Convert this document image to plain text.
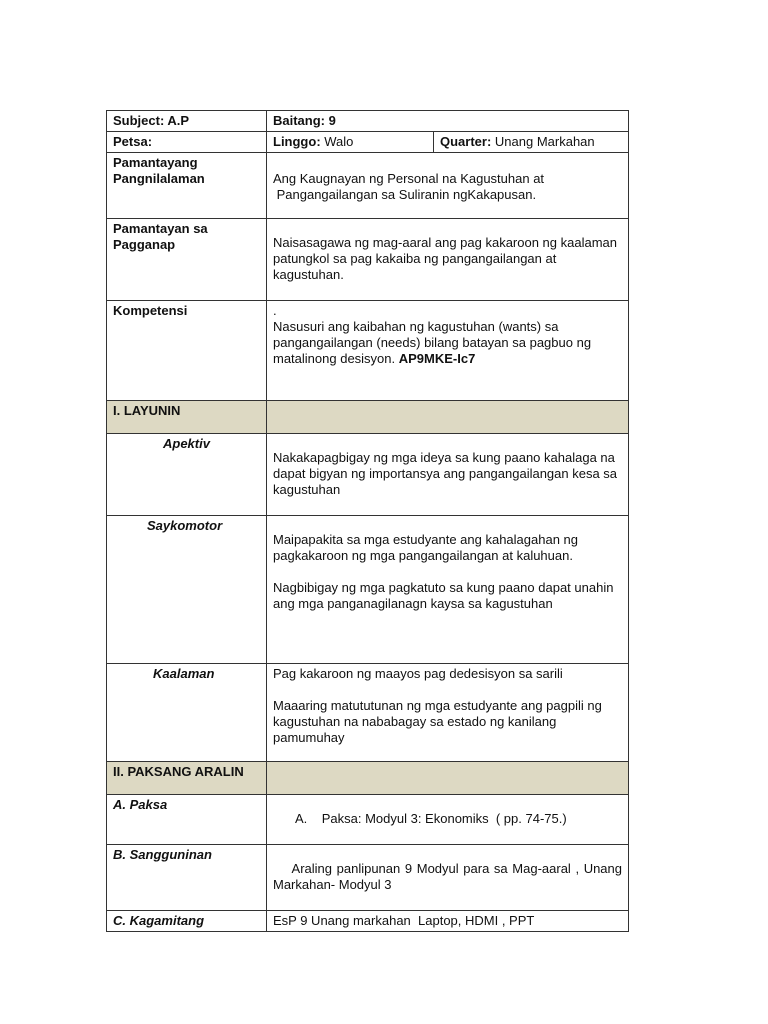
Subject: A.P	Baitang: 9	
Petsa:	Linggo: Walo	Quarter: Unang Markahan
Pamantayang Pangnilalaman	Ang Kaugnayan ng Personal na Kagustuhan at
Pangangailangan sa Suliranin ngKakapusan.	

Pamantayan sa Pagganap	Naisasagawa ng mag-aaral ang pag kakaroon ng kaalaman patungkol sa pag kakaiba ng pangangailangan at kagustuhan.	

Kompetensi	.
Nasusuri ang kaibahan ng kagustuhan (wants) sa pangangailangan (needs) bilang batayan sa pagbuo ng matalinong desisyon. AP9MKE-Ic7	

I. LAYUNIN		
Apektiv	Nakakapagbigay ng mga ideya sa kung paano kahalaga na dapat bigyan ng importansya ang pangangailangan kesa sa kagustuhan	

Saykomotor	Maipapakita sa mga estudyante ang kahalagahan ng pagkakaroon ng mga pangangailangan at kaluhuan.
Nagbibigay ng mga pagkatuto sa kung paano dapat unahin ang mga panganagilanagn kaysa sa kagustuhan	

Kaalaman	Pag kakaroon ng maayos pag dedesisyon sa sarili
Maaaring matututunan ng mga estudyante ang pagpili ng kagustuhan na nababagay sa estado ng kanilang pamumuhay	

II. PAKSANG ARALIN		
A. Paksa	A.    Paksa: Modyul 3: Ekonomiks  ( pp. 74-75.)	
B. Sangguninan	Araling panlipunan 9 Modyul para sa Mag-aaral , Unang Markahan- Modyul 3	
C. Kagamitang	EsP 9 Unang markahan  Laptop, HDMI , PPT	
